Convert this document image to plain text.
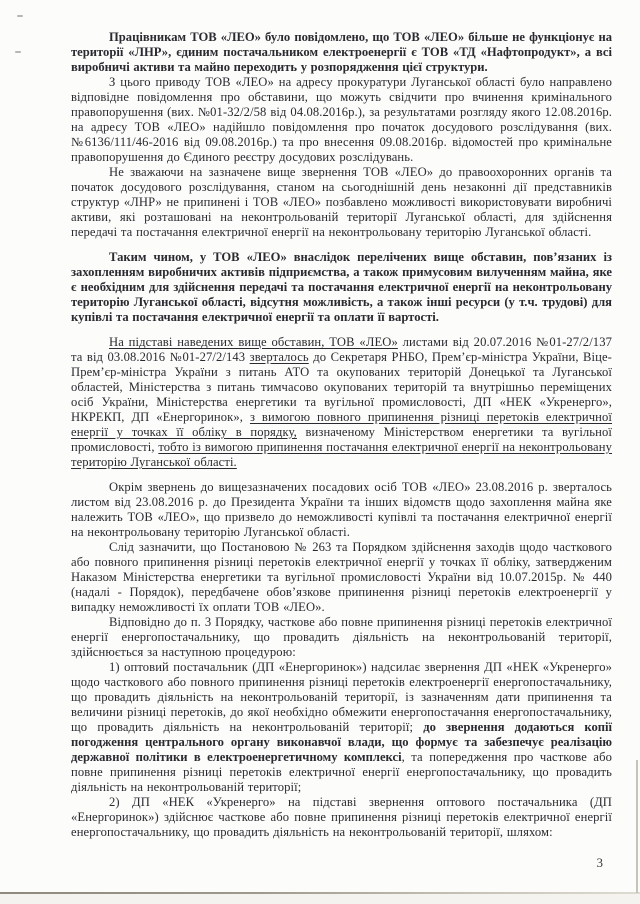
Працівникам ТОВ «ЛЕО» було повідомлено, що ТОВ «ЛЕО» більше не функціонує на території «ЛНР», єдиним постачальником електроенергії є ТОВ «ТД «Нафтопродукт», а всі виробничі активи та майно переходить у розпорядження цієї структури.

З цього приводу ТОВ «ЛЕО» на адресу прокуратури Луганської області було направлено відповідне повідомлення про обставини, що можуть свідчити про вчинення кримінального правопорушення (вих. №01-32/2/58 від 04.08.2016р.), за результатами розгляду якого 12.08.2016р. на адресу ТОВ «ЛЕО» надійшло повідомлення про початок досудового розслідування (вих. №6136/111/46-2016 від 09.08.2016р.) та про внесення 09.08.2016р. відомостей про кримінальне правопорушення до Єдиного реєстру досудових розслідувань.

Не зважаючи на зазначене вище звернення ТОВ «ЛЕО» до правоохоронних органів та початок досудового розслідування, станом на сьогоднішній день незаконні дії представників структур «ЛНР» не припинені і ТОВ «ЛЕО» позбавлено можливості використовувати виробничі активи, які розташовані на неконтрольованій території Луганської області, для здійснення передачі та постачання електричної енергії на неконтрольовану територію Луганської області.

Таким чином, у ТОВ «ЛЕО» внаслідок перелічених вище обставин, пов’язаних із захопленням виробничих активів підприємства, а також примусовим вилученням майна, яке є необхідним для здійснення передачі та постачання електричної енергії на неконтрольовану територію Луганської області, відсутня можливість, а також інші ресурси (у т.ч. трудові) для купівлі та постачання електричної енергії та оплати її вартості.

На підставі наведених вище обставин, ТОВ «ЛЕО» листами від 20.07.2016 №01-27/2/137 та від 03.08.2016 №01-27/2/143 зверталось до Секретаря РНБО, Прем’єр-міністра України, Віце-Прем’єр-міністра України з питань АТО та окупованих територій Донецької та Луганської областей, Міністерства з питань тимчасово окупованих територій та внутрішньо переміщених осіб України, Міністерства енергетики та вугільної промисловості, ДП «НЕК «Укренерго», НКРЕКП, ДП «Енергоринок», з вимогою повного припинення різниці перетоків електричної енергії у точках її обліку в порядку, визначеному Міністерством енергетики та вугільної промисловості, тобто із вимогою припинення постачання електричної енергії на неконтрольовану територію Луганської області.

Окрім звернень до вищезазначених посадових осіб ТОВ «ЛЕО» 23.08.2016 р. зверталось листом від 23.08.2016 р. до Президента України та інших відомств щодо захоплення майна яке належить ТОВ «ЛЕО», що призвело до неможливості купівлі та постачання електричної енергії на неконтрольовану територію Луганської області.

Слід зазначити, що Постановою № 263 та Порядком здійснення заходів щодо часткового або повного припинення різниці перетоків електричної енергії у точках її обліку, затвердженим Наказом Міністерства енергетики та вугільної промисловості України від 10.07.2015р. № 440 (надалі - Порядок), передбачене обов’язкове припинення різниці перетоків електроенергії у випадку неможливості їх оплати ТОВ «ЛЕО».

Відповідно до п. 3 Порядку, часткове або повне припинення різниці перетоків електричної енергії енергопостачальнику, що провадить діяльність на неконтрольованій території, здійснюється за наступною процедурою:

1) оптовий постачальник (ДП «Енергоринок») надсилає звернення ДП «НЕК «Укренерго» щодо часткового або повного припинення різниці перетоків електроенергії енергопостачальнику, що провадить діяльність на неконтрольованій території, із зазначенням дати припинення та величини різниці перетоків, до якої необхідно обмежити енергопостачання енергопостачальнику, що провадить діяльність на неконтрольованій території; до звернення додаються копії погодження центрального органу виконавчої влади, що формує та забезпечує реалізацію державної політики в електроенергетичному комплексі, та попередження про часткове або повне припинення різниці перетоків електричної енергії енергопостачальнику, що провадить діяльність на неконтрольованій території;

2) ДП «НЕК «Укренерго» на підставі звернення оптового постачальника (ДП «Енергоринок») здійснює часткове або повне припинення різниці перетоків електричної енергії енергопостачальнику, що провадить діяльність на неконтрольованій території, шляхом:

3
